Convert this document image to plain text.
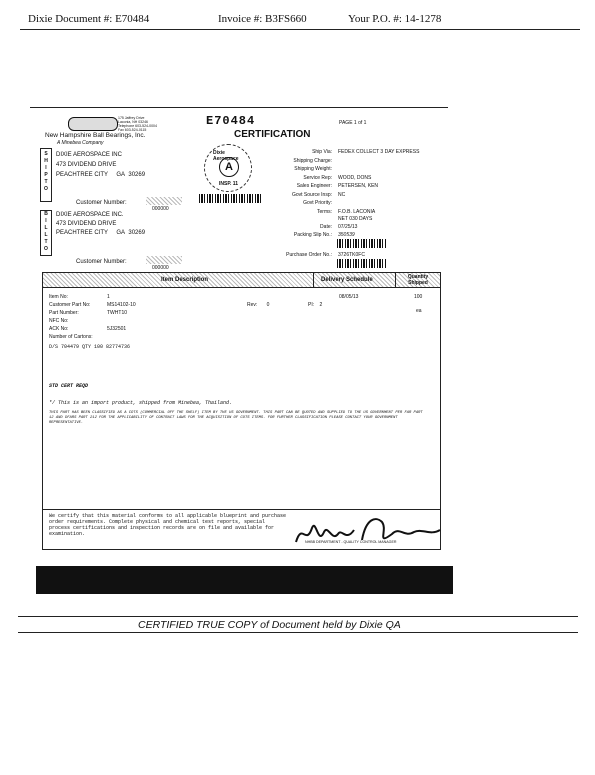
Dixie Document #: E70484	Invoice #: B3FS660	Your P.O. #: 14-1278
New Hampshire Ball Bearings, Inc.
A Minebea Company
175 Jaffrey Drive
Laconia, NH 03246
Telephone 603-524-0004
Fax 603-524-0115
E70484
CERTIFICATION
PAGE 1 of 1
Dixie Aerospace
A
INSP. 11
S
H
I
P
T
O
DIXIE AEROSPACE INC
473 DIVIDEND DRIVE
PEACHTREE CITY GA 30269
Customer Number:
000000
B
I
L
L
T
O
DIXIE AEROSPACE INC.
473 DIVIDEND DRIVE
PEACHTREE CITY GA 30269
Customer Number:
000000
Ship Via:	FEDEX COLLECT 3 DAY EXPRESS
Shipping Charge:
Shipping Weight:
Service Rep:	WOOD, DONS
Sales Engineer:	PETERSEN, KEN
Govt Source Insp:	NC
Govt Priority:
Terms:	F.O.B. LACONIA
NET 030 DAYS
Date:	07/25/13
Packing Slip No.:	350539
Purchase Order No.:	3726TK0FC
Item Description	Delivery Schedule	Quantity Shipped
Item No:	1
Customer Part No:	MS14102-10
Part Number:	TWHT10
NFC No:
ACK No:	5J32501
Number of Cartons:
Rev: 0	PI: 2
08/05/13	100
ea
D/S 704479 QTY 100 82774736
STD CERT REQD
*/ This is an import product, shipped from Minebea, Thailand.
THIS PART HAS BEEN CLASSIFIED AS A COTS (COMMERCIAL OFF THE SHELF) ITEM BY THE US GOVERNMENT. THIS PART CAN BE QUOTED AND SUPPLIED TO THE US GOVERNMENT PER FAR PART 12 AND DFARS PART 212 FOR THE APPLICABILITY OF CONTRACT LAWS FOR THE ACQUISITION OF COTS ITEMS. FOR FURTHER CLASSIFICATION PLEASE CONTACT YOUR GOVERNMENT REPRESENTATIVE.
We certify that this material conforms to all applicable blueprint and purchase order requirements. Complete physical and chemical test reports, special process certifications and inspection records are on file and available for examination.
NHBB DEPARTMENT - QUALITY CONTROL MANAGER
CERTIFIED TRUE COPY of Document held by Dixie QA
